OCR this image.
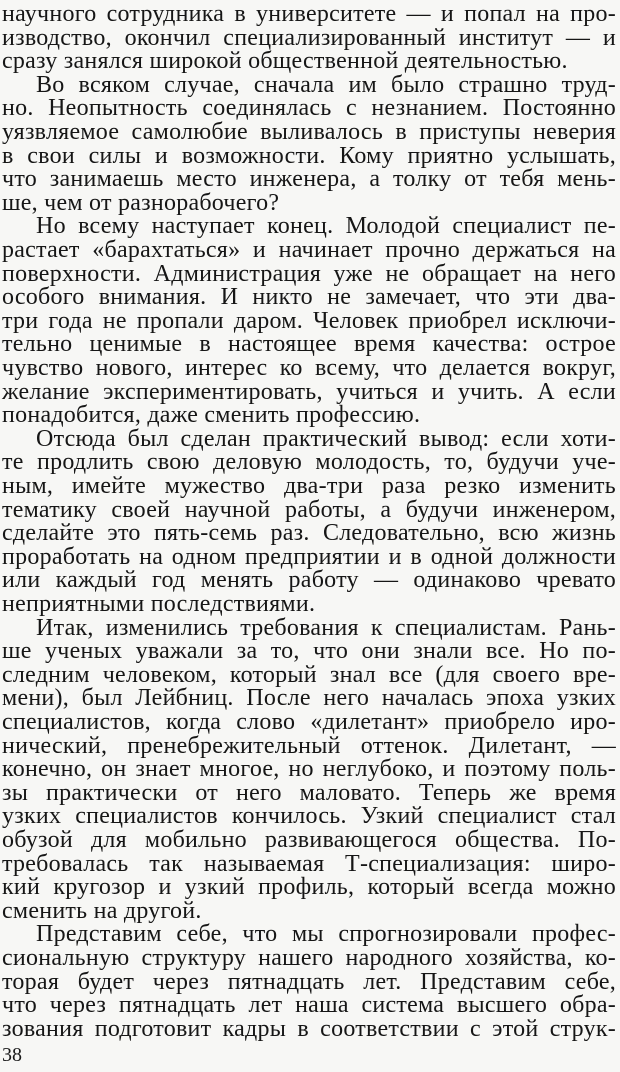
научного сотрудника в университете — и попал на про-
изводство, окончил специализированный институт — и
сразу занялся широкой общественной деятельностью.
Во всяком случае, сначала им было страшно труд-
но. Неопытность соединялась с незнанием. Постоянно
уязвляемое самолюбие выливалось в приступы неверия
в свои силы и возможности. Кому приятно услышать,
что занимаешь место инженера, а толку от тебя мень-
ше, чем от разнорабочего?
Но всему наступает конец. Молодой специалист пе-
растает «барахтаться» и начинает прочно держаться на
поверхности. Администрация уже не обращает на него
особого внимания. И никто не замечает, что эти два-
три года не пропали даром. Человек приобрел исключи-
тельно ценимые в настоящее время качества: острое
чувство нового, интерес ко всему, что делается вокруг,
желание экспериментировать, учиться и учить. А если
понадобится, даже сменить профессию.
Отсюда был сделан практический вывод: если хоти-
те продлить свою деловую молодость, то, будучи уче-
ным, имейте мужество два-три раза резко изменить
тематику своей научной работы, а будучи инженером,
сделайте это пять-семь раз. Следовательно, всю жизнь
проработать на одном предприятии и в одной должности
или каждый год менять работу — одинаково чревато
неприятными последствиями.
Итак, изменились требования к специалистам. Рань-
ше ученых уважали за то, что они знали все. Но по-
следним человеком, который знал все (для своего вре-
мени), был Лейбниц. После него началась эпоха узких
специалистов, когда слово «дилетант» приобрело иро-
нический, пренебрежительный оттенок. Дилетант, —
конечно, он знает многое, но неглубоко, и поэтому поль-
зы практически от него маловато. Теперь же время
узких специалистов кончилось. Узкий специалист стал
обузой для мобильно развивающегося общества. По-
требовалась так называемая Т-специализация: широ-
кий кругозор и узкий профиль, который всегда можно
сменить на другой.
Представим себе, что мы спрогнозировали профес-
сиональную структуру нашего народного хозяйства, ко-
торая будет через пятнадцать лет. Представим себе,
что через пятнадцать лет наша система высшего обра-
зования подготовит кадры в соответствии с этой струк-
38
